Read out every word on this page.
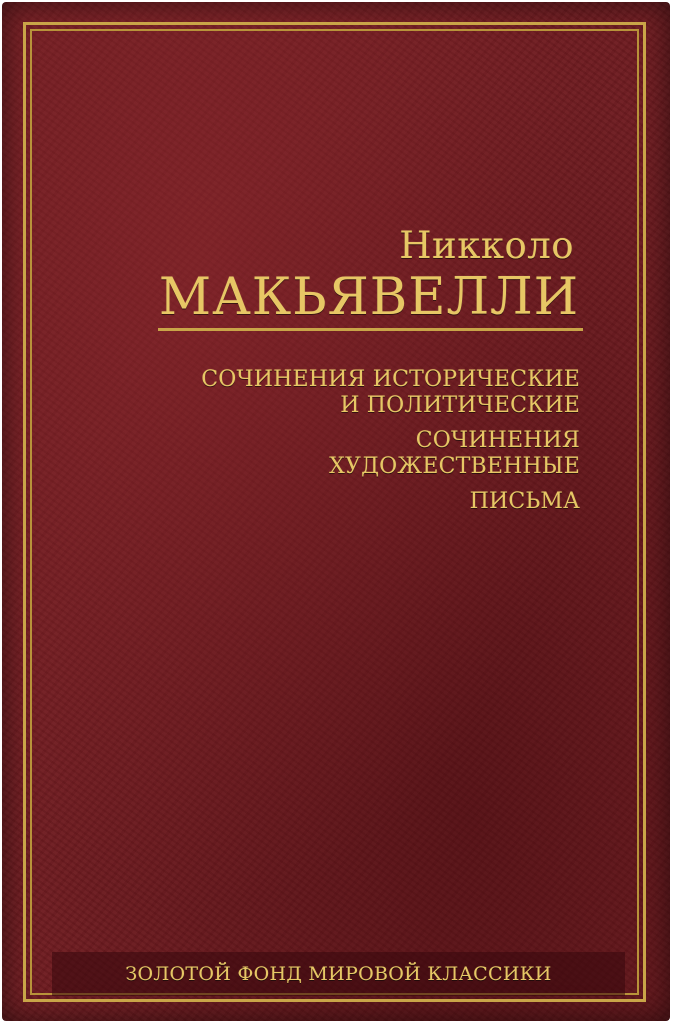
Никколо
МАКЬЯВЕЛЛИ
СОЧИНЕНИЯ ИСТОРИЧЕСКИЕ
И ПОЛИТИЧЕСКИЕ
СОЧИНЕНИЯ
ХУДОЖЕСТВЕННЫЕ
ПИСЬМА
ЗОЛОТОЙ ФОНД МИРОВОЙ КЛАССИКИ
